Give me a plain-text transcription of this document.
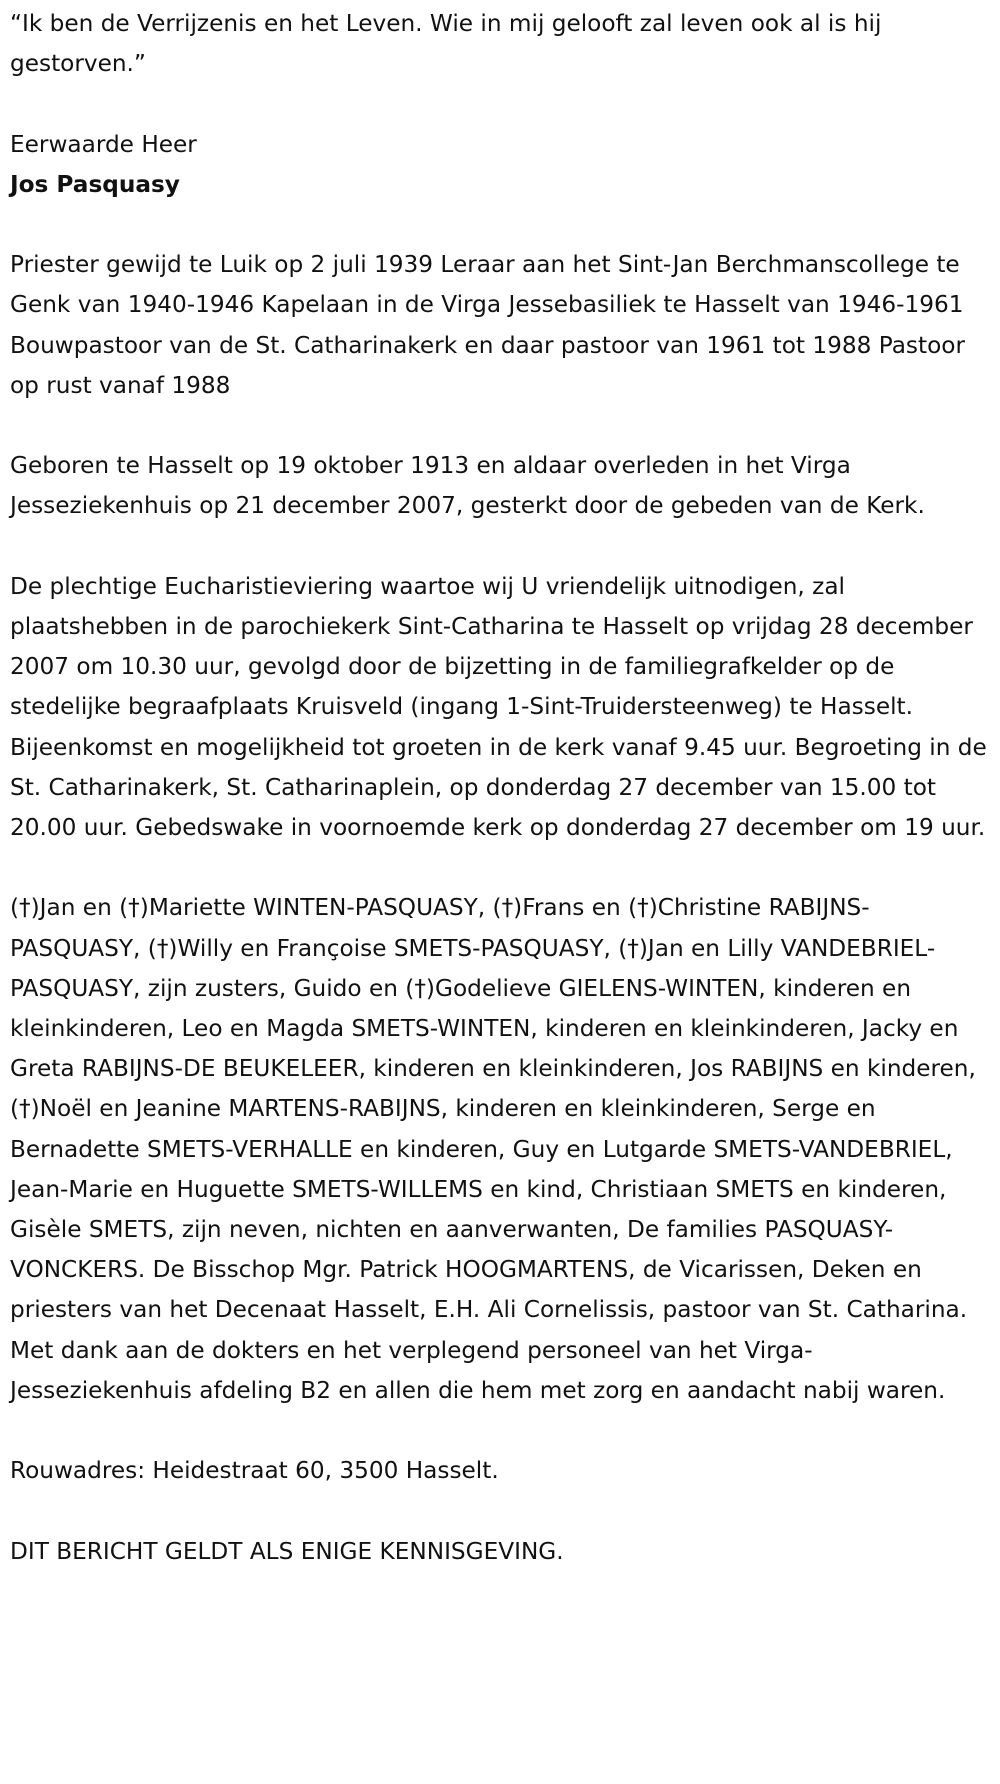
“Ik ben de Verrijzenis en het Leven. Wie in mij gelooft zal leven ook al is hij gestorven.”

Eerwaarde Heer

Jos Pasquasy

Priester gewijd te Luik op 2 juli 1939 Leraar aan het Sint-Jan Berchmanscollege te Genk van 1940-1946 Kapelaan in de Virga Jessebasiliek te Hasselt van 1946-1961 Bouwpastoor van de St. Catharinakerk en daar pastoor van 1961 tot 1988 Pastoor op rust vanaf 1988

Geboren te Hasselt op 19 oktober 1913 en aldaar overleden in het Virga Jesseziekenhuis op 21 december 2007, gesterkt door de gebeden van de Kerk.

De plechtige Eucharistieviering waartoe wij U vriendelijk uitnodigen, zal plaatshebben in de parochiekerk Sint-Catharina te Hasselt op vrijdag 28 december 2007 om 10.30 uur, gevolgd door de bijzetting in de familiegrafkelder op de stedelijke begraafplaats Kruisveld (ingang 1-Sint-Truidersteenweg) te Hasselt. Bijeenkomst en mogelijkheid tot groeten in de kerk vanaf 9.45 uur. Begroeting in de St. Catharinakerk, St. Catharinaplein, op donderdag 27 december van 15.00 tot 20.00 uur. Gebedswake in voornoemde kerk op donderdag 27 december om 19 uur.

(†)Jan en (†)Mariette WINTEN-PASQUASY, (†)Frans en (†)Christine RABIJNS-PASQUASY, (†)Willy en Françoise SMETS-PASQUASY, (†)Jan en Lilly VANDEBRIEL-PASQUASY, zijn zusters, Guido en (†)Godelieve GIELENS-WINTEN, kinderen en kleinkinderen, Leo en Magda SMETS-WINTEN, kinderen en kleinkinderen, Jacky en Greta RABIJNS-DE BEUKELEER, kinderen en kleinkinderen, Jos RABIJNS en kinderen, (†)Noël en Jeanine MARTENS-RABIJNS, kinderen en kleinkinderen, Serge en Bernadette SMETS-VERHALLE en kinderen, Guy en Lutgarde SMETS-VANDEBRIEL, Jean-Marie en Huguette SMETS-WILLEMS en kind, Christiaan SMETS en kinderen, Gisèle SMETS, zijn neven, nichten en aanverwanten, De families PASQUASY-VONCKERS. De Bisschop Mgr. Patrick HOOGMARTENS, de Vicarissen, Deken en priesters van het Decenaat Hasselt, E.H. Ali Cornelissis, pastoor van St. Catharina. Met dank aan de dokters en het verplegend personeel van het Virga-Jesseziekenhuis afdeling B2 en allen die hem met zorg en aandacht nabij waren.

Rouwadres: Heidestraat 60, 3500 Hasselt.

DIT BERICHT GELDT ALS ENIGE KENNISGEVING.
